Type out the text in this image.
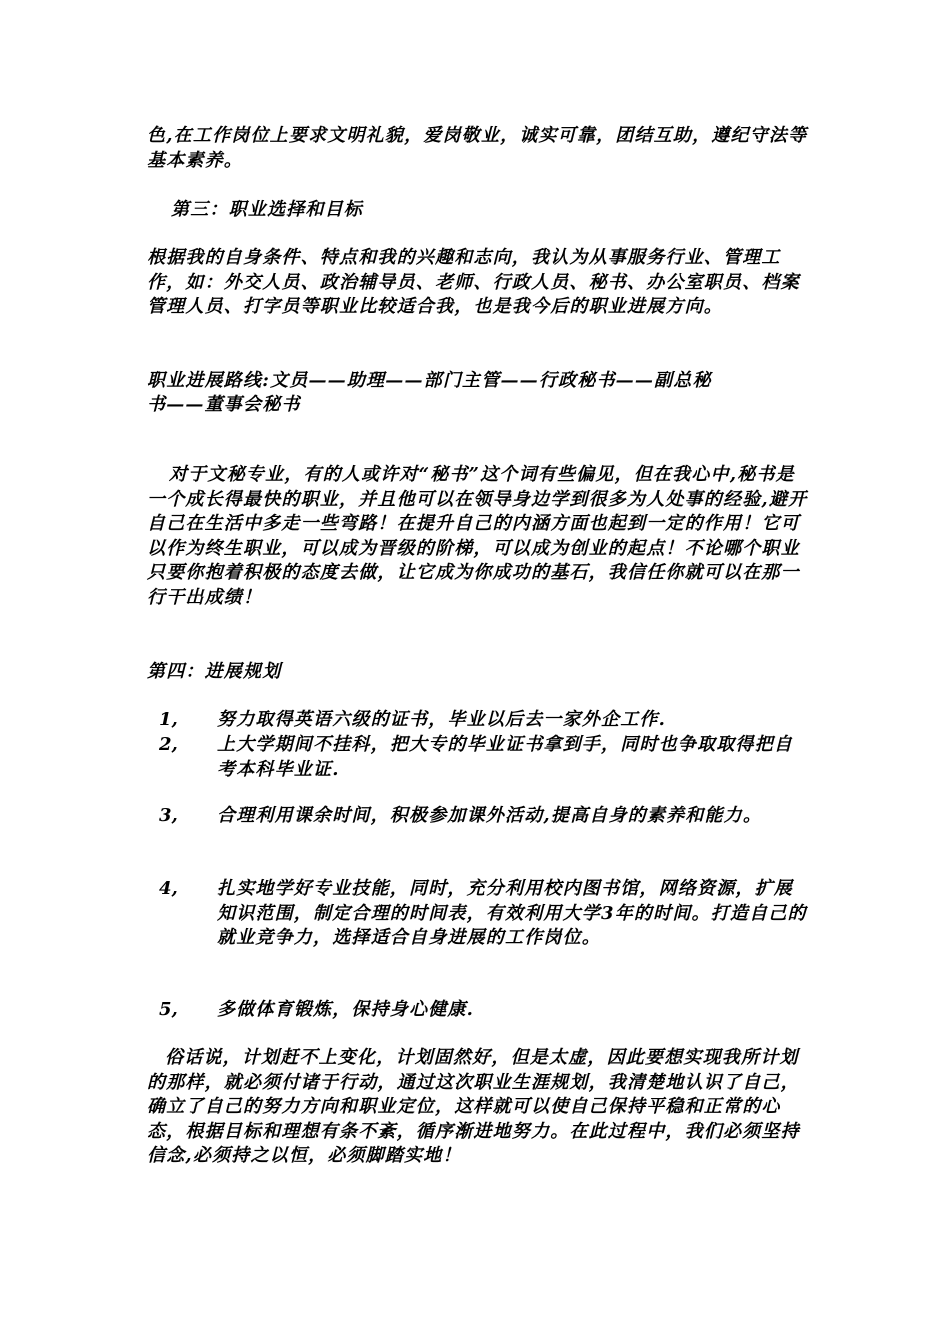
色,在工作岗位上要求文明礼貌，爱岗敬业，诚实可靠，团结互助，遵纪守法等基本素养。

第三：职业选择和目标

根据我的自身条件、特点和我的兴趣和志向，我认为从事服务行业、管理工作，如：外交人员、政治辅导员、老师、行政人员、秘书、办公室职员、档案管理人员、打字员等职业比较适合我，也是我今后的职业进展方向。

职业进展路线:文员——助理——部门主管——行政秘书——副总秘

书——董事会秘书

对于文秘专业，有的人或许对“秘书”这个词有些偏见，但在我心中,秘书是一个成长得最快的职业，并且他可以在领导身边学到很多为人处事的经验,避开自己在生活中多走一些弯路！在提升自己的内涵方面也起到一定的作用！它可以作为终生职业，可以成为晋级的阶梯，可以成为创业的起点！不论哪个职业只要你抱着积极的态度去做，让它成为你成功的基石，我信任你就可以在那一行干出成绩！

第四：进展规划

1, 努力取得英语六级的证书，毕业以后去一家外企工作.
2, 上大学期间不挂科，把大专的毕业证书拿到手，同时也争取取得把自考本科毕业证.
3, 合理利用课余时间，积极参加课外活动,提高自身的素养和能力。
4, 扎实地学好专业技能，同时，充分利用校内图书馆，网络资源，扩展知识范围，制定合理的时间表，有效利用大学3年的时间。打造自己的就业竞争力，选择适合自身进展的工作岗位。
5, 多做体育锻炼，保持身心健康.

俗话说，计划赶不上变化，计划固然好，但是太虚，因此要想实现我所计划的那样，就必须付诸于行动，通过这次职业生涯规划，我清楚地认识了自己，确立了自己的努力方向和职业定位，这样就可以使自己保持平稳和正常的心态，根据目标和理想有条不紊，循序渐进地努力。在此过程中，我们必须坚持信念,必须持之以恒，必须脚踏实地！
